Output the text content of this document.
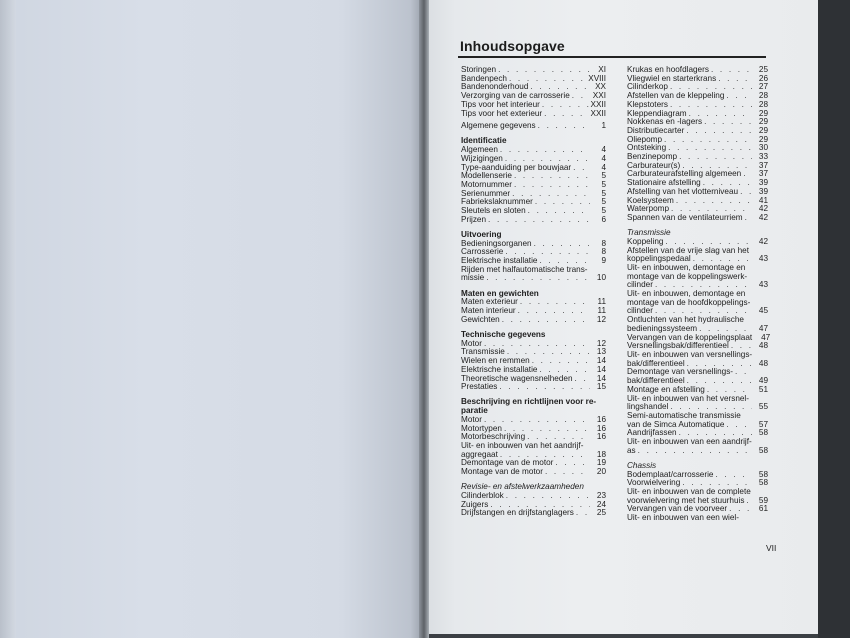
Inhoudsopgave
Storingen . . .	XI
Bandenpech . . .	XVIII
Bandenonderhoud . . .	XX
Verzorging van de carrosserie . . .	XXI
Tips voor het interieur . . .	XXII
Tips voor het exterieur . . .	XXII
Algemene gegevens . . .	1
Identificatie
Algemeen . . .	4
Wijzigingen . . .	4
Type-aanduiding per bouwjaar . . .	4
Modellenserie . . .	5
Motornummer . . .	5
Serienummer . . .	5
Fabriekslaknummer . . .	5
Sleutels en sloten . . .	5
Prijzen . . .	6
Uitvoering
Bedieningsorganen . . .	8
Carrosserie . . .	8
Elektrische installatie . . .	9
Rijden met halfautomatische trans-
missie . . .	10
Maten en gewichten
Maten exterieur . . .	11
Maten interieur . . .	11
Gewichten . . .	12
Technische gegevens
Motor . . .	12
Transmissie . . .	13
Wielen en remmen . . .	14
Elektrische installatie . . .	14
Theoretische wagensnelheden . . .	14
Prestaties . . .	15
Beschrijving en richtlijnen voor re-
paratie
Motor . . .	16
Motortypen . . .	16
Motorbeschrijving . . .	16
Uit- en inbouwen van het aandrijf-
aggregaat . . .	18
Demontage van de motor . . .	19
Montage van de motor . . .	20
Revisie- en afstelwerkzaamheden
Cilinderblok . . .	23
Zuigers . . .	24
Drijfstangen en drijfstanglagers . . .	25
Krukas en hoofdlagers . . .	25
Vliegwiel en starterkrans . . .	26
Cilinderkop . . .	27
Afstellen van de kleppeling . . .	28
Klepstoters . . .	28
Kleppendiagram . . .	29
Nokkenas en -lagers . . .	29
Distributiecarter . . .	29
Oliepomp . . .	29
Ontsteking . . .	30
Benzinepomp . . .	33
Carburateur(s) . . .	37
Carburateurafstelling algemeen . . .	37
Stationaire afstelling . . .	39
Afstelling van het vlotterniveau . . .	39
Koelsysteem . . .	41
Waterpomp . . .	42
Spannen van de ventilateurriem . . .	42
Transmissie
Koppeling . . .	42
Afstellen van de vrije slag van het
koppelingspedaal . . .	43
Uit- en inbouwen, demontage en
montage van de koppelingswerk-
cilinder . . .	43
Uit- en inbouwen, demontage en
montage van de hoofdkoppelings-
cilinder . . .	45
Ontluchten van het hydraulische
bedieningssysteem . . .	47
Vervangen van de koppelingsplaat	47
Versnellingsbak/differentieel . . .	48
Uit- en inbouwen van versnellings-
bak/differentieel . . .	48
Demontage van versnellings-
. . .
bak/differentieel . . .	49
Montage en afstelling . . .	51
Uit- en inbouwen van het versnel-
lingshandel . . .	55
Semi-automatische transmissie
van de Simca Automatique . . .	57
Aandrijfassen . . .	58
Uit- en inbouwen van een aandrijf-
as . . .	58
Chassis
Bodemplaat/carrosserie . . .	58
Voorwielvering . . .	58
Uit- en inbouwen van de complete
voorwielvering met het stuurhuis . . .	59
Vervangen van de voorveer . . .	61
Uit- en inbouwen van een wiel-
VII
